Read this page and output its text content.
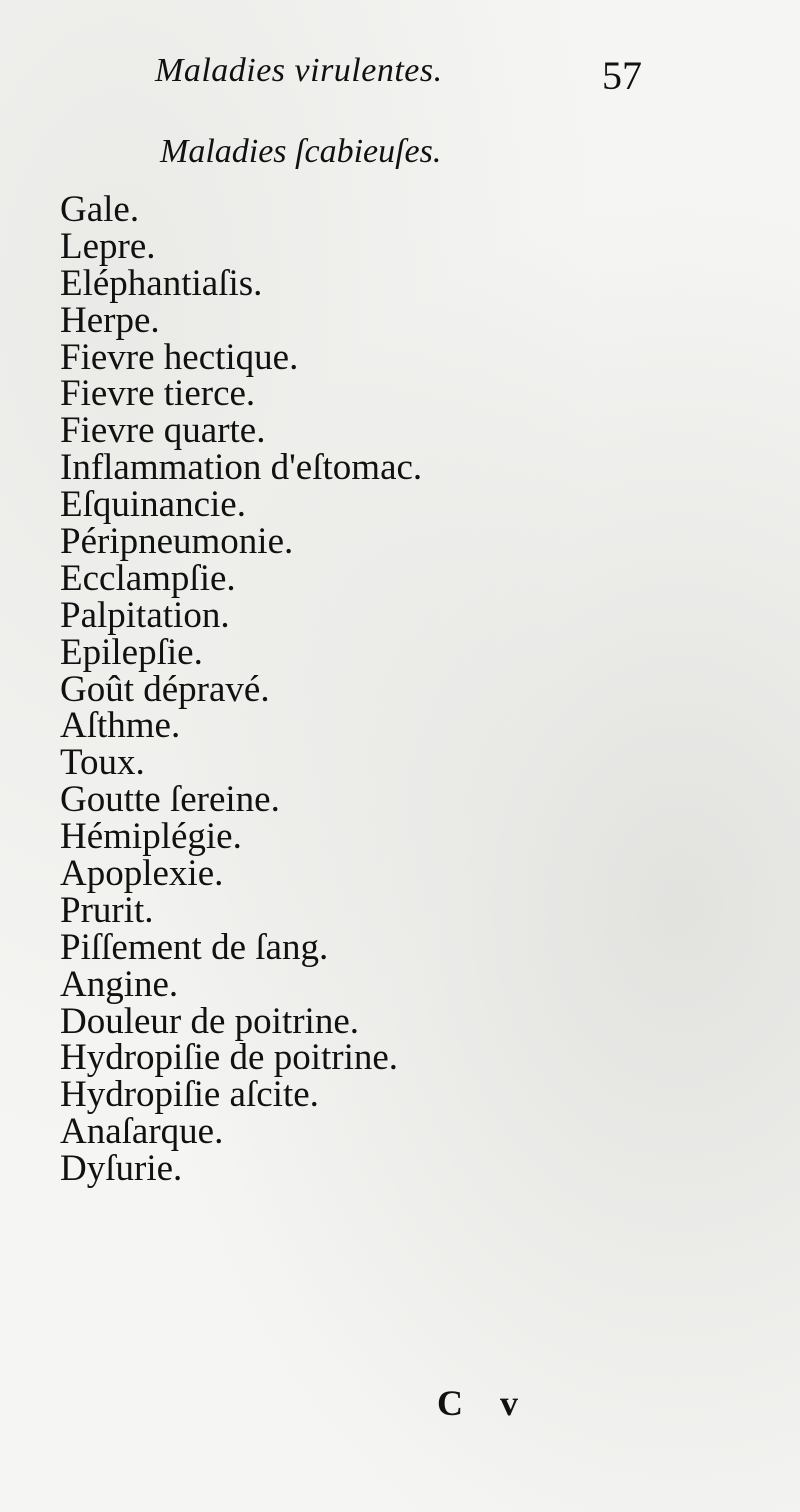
Maladies virulentes.	57
Maladies ſcabieuſes.
Gale.
Lepre.
Eléphantiaſis.
Herpe.
Fievre hectique.
Fievre tierce.
Fievre quarte.
Inflammation d'eſtomac.
Eſquinancie.
Péripneumonie.
Ecclampſie.
Palpitation.
Epilepſie.
Goût dépravé.
Aſthme.
Toux.
Goutte ſereine.
Hémiplégie.
Apoplexie.
Prurit.
Piſſement de ſang.
Angine.
Douleur de poitrine.
Hydropiſie de poitrine.
Hydropiſie aſcite.
Anaſarque.
Dyſurie.
C v
